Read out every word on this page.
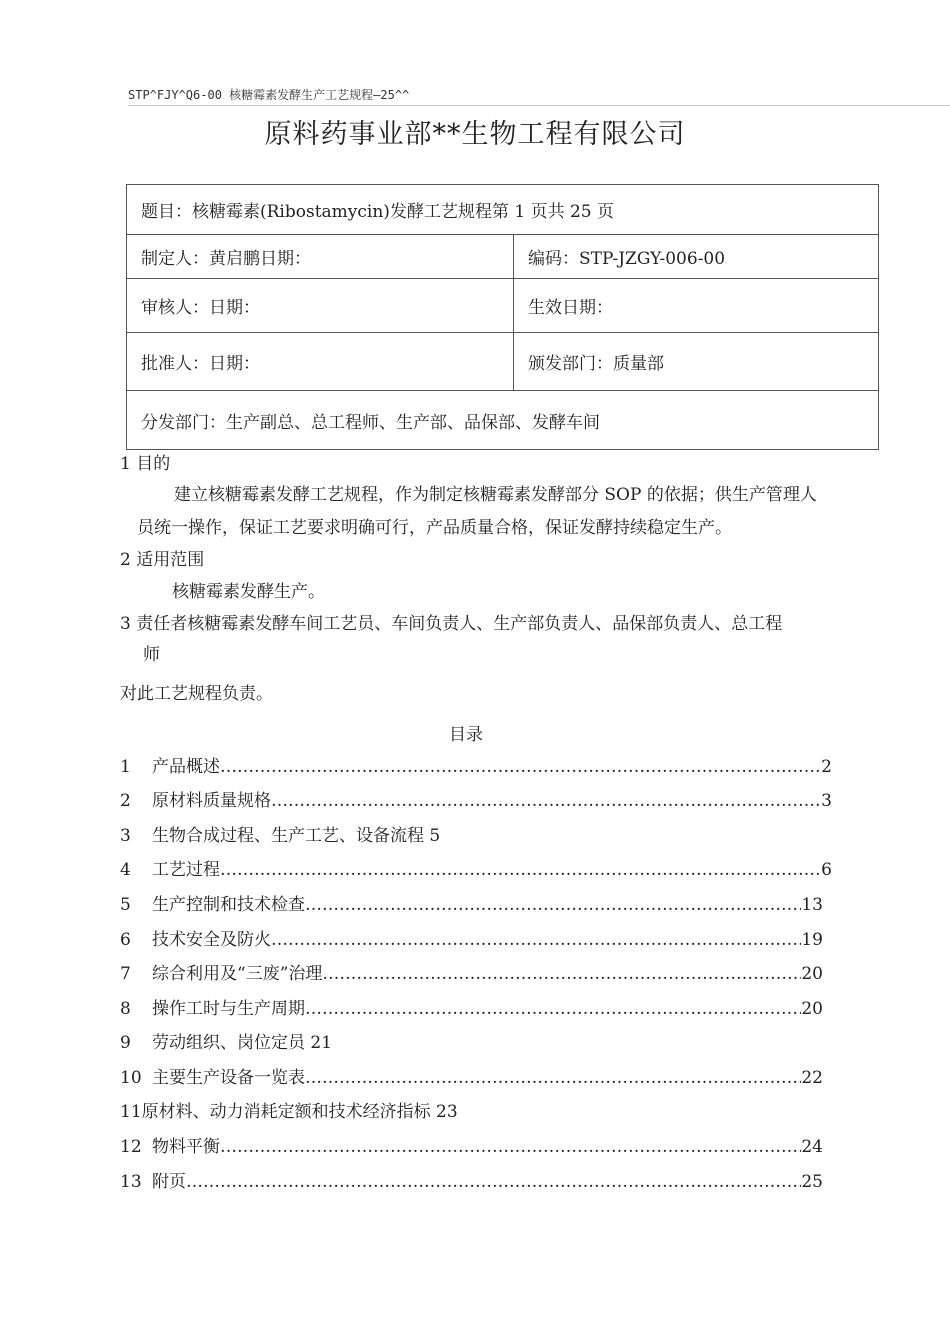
STP^FJY^Q6-00 核糖霉素发酵生产工艺规程—25^^
原料药事业部**生物工程有限公司
题目：核糖霉素(Ribostamycin)发酵工艺规程第 1 页共 25 页	
制定人：黄启鹏日期：	编码：STP-JZGY-006-00
审核人：日期：	生效日期：
批准人：日期：	颁发部门：质量部
分发部门：生产副总、总工程师、生产部、品保部、发酵车间	
1 目的
建立核糖霉素发酵工艺规程，作为制定核糖霉素发酵部分 SOP 的依据；供生产管理人
员统一操作，保证工艺要求明确可行，产品质量合格，保证发酵持续稳定生产。
2 适用范围
核糖霉素发酵生产。
3 责任者核糖霉素发酵车间工艺员、车间负责人、生产部负责人、品保部负责人、总工程
师
对此工艺规程负责。
目录
1	产品概述 ……………………………………………………………………………………………………………………………………………………………………………………	2
2	原材料质量规格 ……………………………………………………………………………………………………………………………………………………………………………………	3
3	生物合成过程、生产工艺、设备流程 5
4	工艺过程 ……………………………………………………………………………………………………………………………………………………………………………………	6
5	生产控制和技术检查 ……………………………………………………………………………………………………………………………………………………………………………………	13
6	技术安全及防火 ……………………………………………………………………………………………………………………………………………………………………………………	19
7	综合利用及“三废”治理 ……………………………………………………………………………………………………………………………………………………………………………………	20
8	操作工时与生产周期 ……………………………………………………………………………………………………………………………………………………………………………………	20
9	劳动组织、岗位定员 21
10 主要生产设备一览表 ……………………………………………………………………………………………………………………………………………………………………………………	22
11 原材料、动力消耗定额和技术经济指标 23
12 物料平衡 ……………………………………………………………………………………………………………………………………………………………………………………	24
13 附页 ……………………………………………………………………………………………………………………………………………………………………………………	25
